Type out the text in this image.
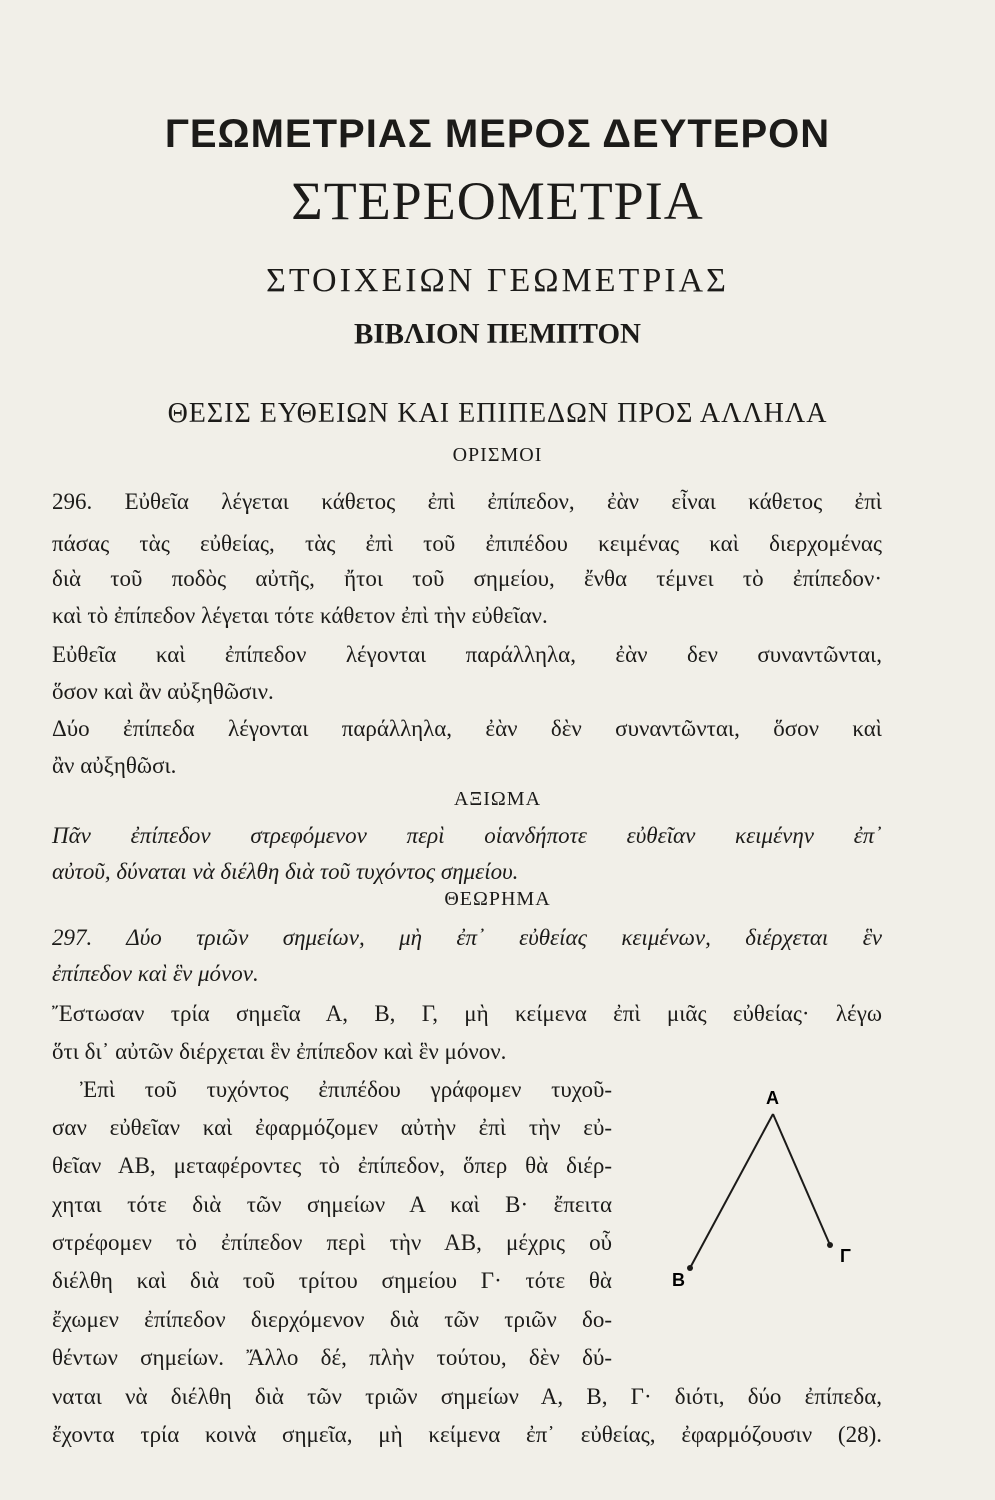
ΓΕΩΜΕΤΡΙΑΣ ΜΕΡΟΣ ΔΕΥΤΕΡΟΝ
ΣΤΕΡΕΟΜΕΤΡΙΑ
ΣΤΟΙΧΕΙΩΝ ΓΕΩΜΕΤΡΙΑΣ
ΒΙΒΛΙΟΝ ΠΕΜΠΤΟΝ
ΘΕΣΙΣ ΕΥΘΕΙΩΝ ΚΑΙ ΕΠΙΠΕΔΩΝ ΠΡΟΣ ΑΛΛΗΛΑ
ΟΡΙΣΜΟΙ
296. Εὐθεῖα λέγεται κάθετος ἐπὶ ἐπίπεδον, ἐὰν εἶναι κάθετος ἐπὶ
πάσας τὰς εὐθείας, τὰς ἐπὶ τοῦ ἐπιπέδου κειμένας καὶ διερχομένας
διὰ τοῦ ποδὸς αὐτῆς, ἤτοι τοῦ σημείου, ἔνθα τέμνει τὸ ἐπίπεδον·
καὶ τὸ ἐπίπεδον λέγεται τότε κάθετον ἐπὶ τὴν εὐθεῖαν.
Εὐθεῖα καὶ ἐπίπεδον λέγονται παράλληλα, ἐὰν δεν συναντῶνται,
ὅσον καὶ ἂν αὐξηθῶσιν.
Δύο ἐπίπεδα λέγονται παράλληλα, ἐὰν δὲν συναντῶνται, ὅσον καὶ
ἂν αὐξηθῶσι.
ΑΞΙΩΜΑ
Πᾶν ἐπίπεδον στρεφόμενον περὶ οἱανδήποτε εὐθεῖαν κειμένην ἐπ᾿
αὐτοῦ, δύναται νὰ διέλθη διὰ τοῦ τυχόντος σημείου.
ΘΕΩΡΗΜΑ
297. Δύο τριῶν σημείων, μὴ ἐπ᾿ εὐθείας κειμένων, διέρχεται ἓν
ἐπίπεδον καὶ ἓν μόνον.
Ἔστωσαν τρία σημεῖα Α, Β, Γ, μὴ κείμενα ἐπὶ μιᾶς εὐθείας· λέγω
ὅτι δι᾿ αὐτῶν διέρχεται ἓν ἐπίπεδον καὶ ἓν μόνον.
Ἐπὶ τοῦ τυχόντος ἐπιπέδου γράφομεν τυχοῦ-
σαν εὐθεῖαν καὶ ἐφαρμόζομεν αὐτὴν ἐπὶ τὴν εὐ-
θεῖαν ΑΒ, μεταφέροντες τὸ ἐπίπεδον, ὅπερ θὰ διέρ-
χηται τότε διὰ τῶν σημείων Α καὶ Β· ἔπειτα
στρέφομεν τὸ ἐπίπεδον περὶ τὴν ΑΒ, μέχρις οὗ
διέλθη καὶ διὰ τοῦ τρίτου σημείου Γ· τότε θὰ
ἔχωμεν ἐπίπεδον διερχόμενον διὰ τῶν τριῶν δο-
θέντων σημείων. Ἄλλο δέ, πλὴν τούτου, δὲν δύ-
ναται νὰ διέλθη διὰ τῶν τριῶν σημείων Α, Β, Γ· διότι, δύο ἐπίπεδα,
ἔχοντα τρία κοινὰ σημεῖα, μὴ κείμενα ἐπ᾿ εὐθείας, ἐφαρμόζουσιν (28).
Α
Β
Γ
